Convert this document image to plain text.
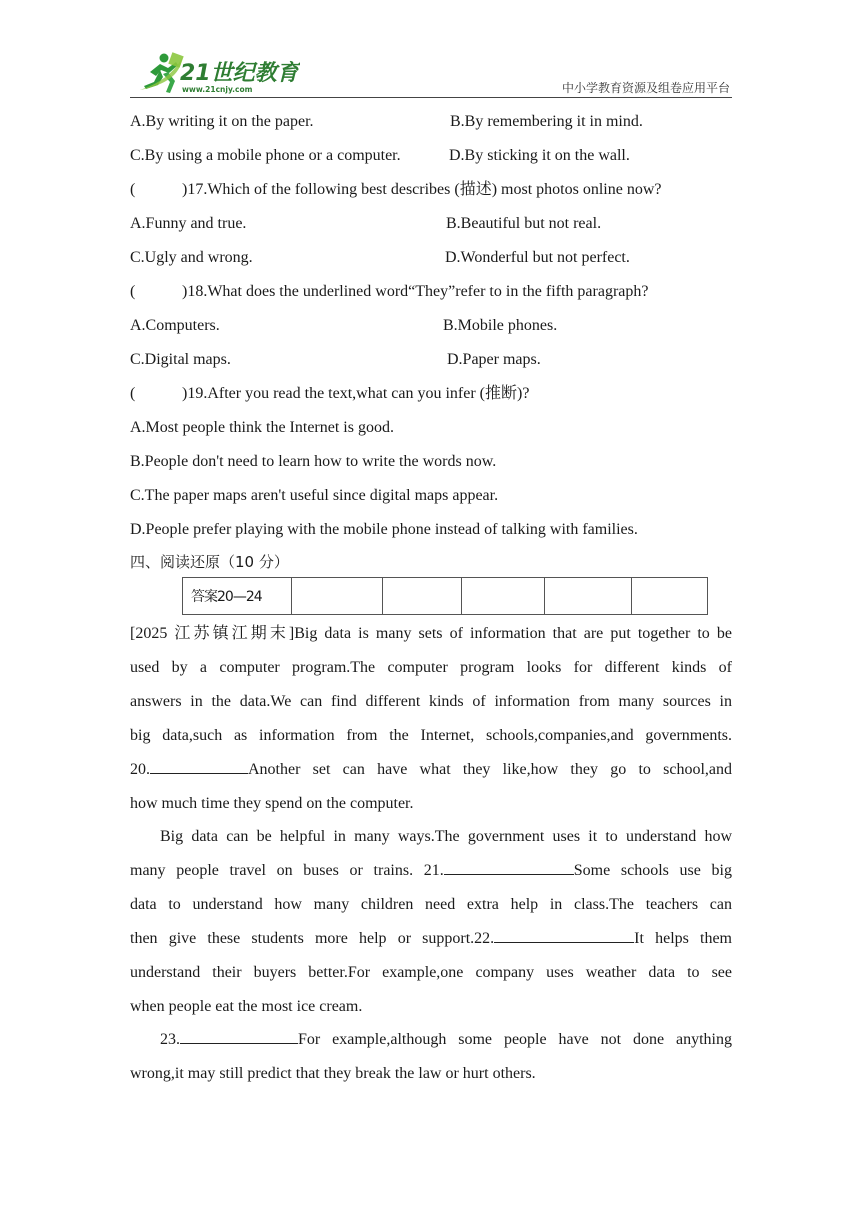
21世纪教育
www.21cnjy.com	中小学教育资源及组卷应用平台
A.By writing it on the paper.	B.By remembering it in mind.
C.By using a mobile phone or a computer.	D.By sticking it on the wall.
(	)17.Which of the following best describes (描述) most photos online now?
A.Funny and true.	B.Beautiful but not real.
C.Ugly and wrong.	D.Wonderful but not perfect.
(	)18.What does the underlined word“They”refer to in the fifth paragraph?
A.Computers.	B.Mobile phones.
C.Digital maps.	D.Paper maps.
(	)19.After you read the text,what can you infer (推断)?
A.Most people think the Internet is good.
B.People don't need to learn how to write the words now.
C.The paper maps aren't useful since digital maps appear.
D.People prefer playing with the mobile phone instead of talking with families.
四、阅读还原（10 分）
答案20—24					
[2025 江苏镇江期末]Big data is many sets of information that are put together to be
used by a computer program.The computer program looks for different kinds of
answers in the data.We can find different kinds of information from many sources in
big data,such as information from the Internet, schools,companies,and governments.
20.	Another set can have what they like,how they go to school,and
how much time they spend on the computer.
Big data can be helpful in many ways.The government uses it to understand how
many people travel on buses or trains. 21.	Some schools use big
data to understand how many children need extra help in class.The teachers can
then give these students more help or support.22.	It helps them
understand their buyers better.For example,one company uses weather data to see
when people eat the most ice cream.
23.	For example,although some people have not done anything
wrong,it may still predict that they break the law or hurt others.
